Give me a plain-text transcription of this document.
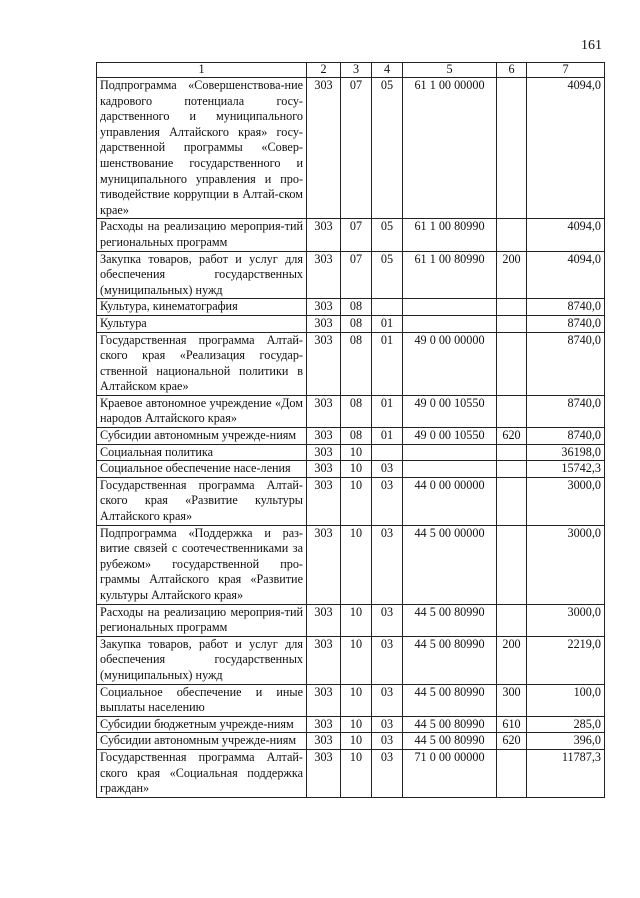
161
1	2	3	4	5	6	7
Подпрограмма «Совершенствова-ние кадрового потенциала госу-дарственного и муниципального управления Алтайского края» госу-дарственной программы «Совер-шенствование государственного и муниципального управления и про-тиводействие коррупции в Алтай-ском крае»	303	07	05	61 1 00 00000		4094,0
Расходы на реализацию мероприя-тий региональных программ	303	07	05	61 1 00 80990		4094,0
Закупка товаров, работ и услуг для обеспечения государственных (муниципальных) нужд	303	07	05	61 1 00 80990	200	4094,0
Культура, кинематография	303	08				8740,0
Культура	303	08	01			8740,0
Государственная программа Алтай-ского края «Реализация государ-ственной национальной политики в Алтайском крае»	303	08	01	49 0 00 00000		8740,0
Краевое автономное учреждение «Дом народов Алтайского края»	303	08	01	49 0 00 10550		8740,0
Субсидии автономным учрежде-ниям	303	08	01	49 0 00 10550	620	8740,0
Социальная политика	303	10				36198,0
Социальное обеспечение насе-ления	303	10	03			15742,3
Государственная программа Алтай-ского края «Развитие культуры Алтайского края»	303	10	03	44 0 00 00000		3000,0
Подпрограмма «Поддержка и раз-витие связей с соотечественниками за рубежом» государственной про-граммы Алтайского края «Развитие культуры Алтайского края»	303	10	03	44 5 00 00000		3000,0
Расходы на реализацию мероприя-тий региональных программ	303	10	03	44 5 00 80990		3000,0
Закупка товаров, работ и услуг для обеспечения государственных (муниципальных) нужд	303	10	03	44 5 00 80990	200	2219,0
Социальное обеспечение и иные выплаты населению	303	10	03	44 5 00 80990	300	100,0
Субсидии бюджетным учрежде-ниям	303	10	03	44 5 00 80990	610	285,0
Субсидии автономным учрежде-ниям	303	10	03	44 5 00 80990	620	396,0
Государственная программа Алтай-ского края «Социальная поддержка граждан»	303	10	03	71 0 00 00000		11787,3
